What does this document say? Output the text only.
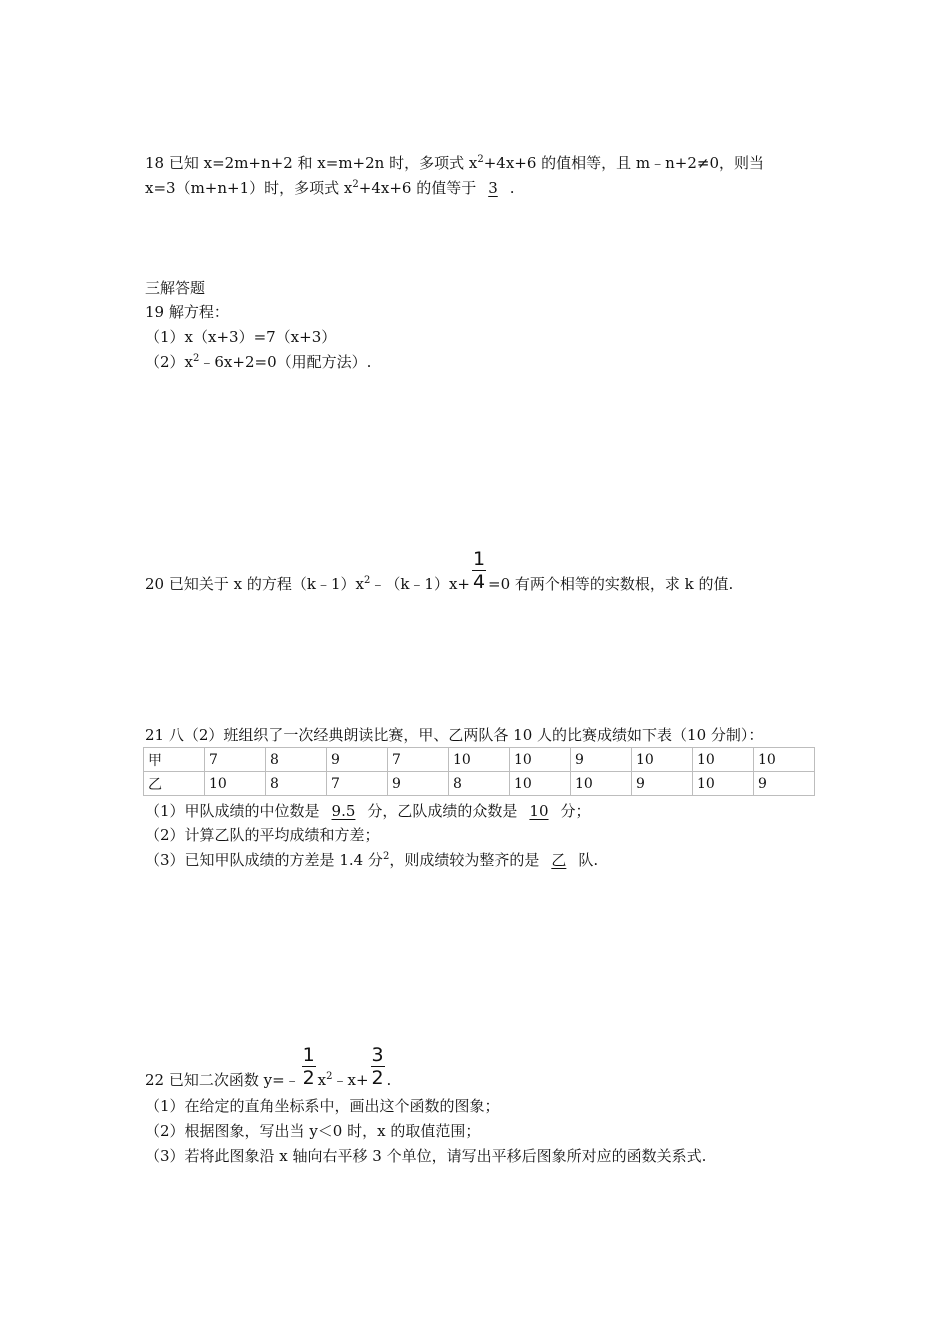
18 已知 x=2m+n+2 和 x=m+2n 时，多项式 $x^2+4x+6$ 的值相等，且 m﹣n+2≠0，则当
x=3（m+n+1）时，多项式 $x^2+4x+6$ 的值等于 3 .
三解答题
19 解方程：
（1）x（x+3）=7（x+3）
$(2)x^2﹣6x+2=0$（用配方法）.
20 已知关于 x 的方程$(k﹣1)x^2﹣(k﹣1)x+ \frac{1}{4} =0$ 有两个相等的实数根，求 k 的值.
21 八（2）班组织了一次经典朗读比赛，甲、乙两队各 10 人的比赛成绩如下表（10 分制）：
甲	7	8	9	7	10	10	9	10	10	10
乙	10	8	7	9	8	10	10	9	10	9
（1）甲队成绩的中位数是 9.5 分，乙队成绩的众数是 10 分；
（2）计算乙队的平均成绩和方差；
（3）已知甲队成绩的方差是 1.4 分$^2$，则成绩较为整齐的是 乙 队.
22 已知二次函数 y=﹣ $\frac{1}{2}$ $x^2﹣x+ \frac{3}{2}$ .
（1）在给定的直角坐标系中，画出这个函数的图象；
（2）根据图象，写出当 y＜0 时，x 的取值范围；
（3）若将此图象沿 x 轴向右平移 3 个单位，请写出平移后图象所对应的函数关系式.
